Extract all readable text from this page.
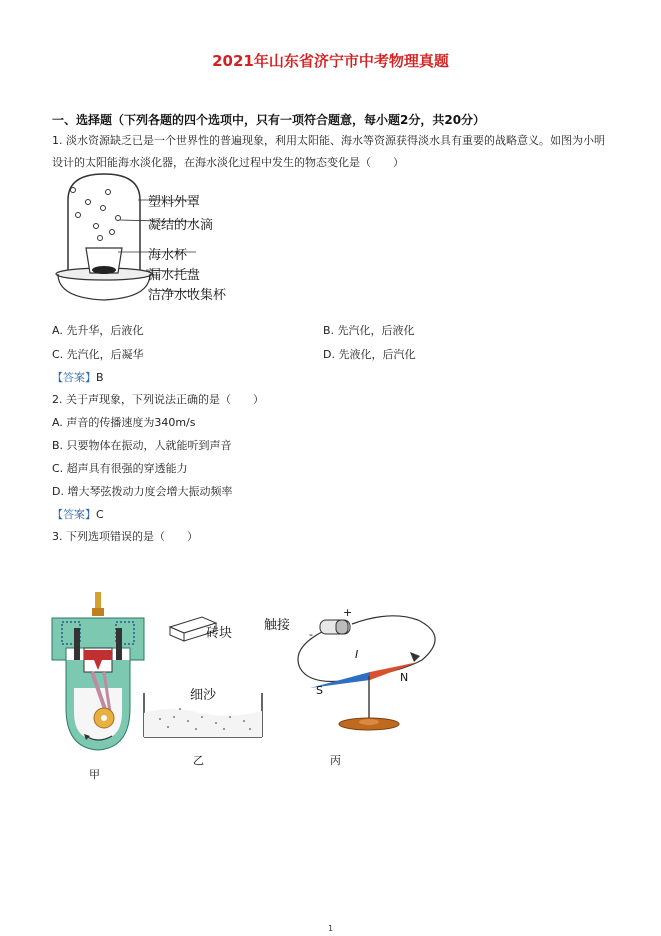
2021年山东省济宁市中考物理真题
一、选择题（下列各题的四个选项中，只有一项符合题意，每小题2分，共20分）
1. 淡水资源缺乏已是一个世界性的普遍现象，利用太阳能、海水等资源获得淡水具有重要的战略意义。如图为小明
设计的太阳能海水淡化器，在海水淡化过程中发生的物态变化是（　　）
塑料外罩
凝结的水滴
海水杯
漏水托盘
洁净水收集杯
A. 先升华，后液化	B. 先汽化，后液化
C. 先汽化，后凝华	D. 先液化，后汽化
【答案】B
2. 关于声现象，下列说法正确的是（　　）
A. 声音的传播速度为340m/s
B. 只要物体在振动，人就能听到声音
C. 超声具有很强的穿透能力
D. 增大琴弦拨动力度会增大振动频率
【答案】C
3. 下列选项错误的是（　　）
甲
砖块
细沙
乙
触接
+
-
I
S
N
丙
1
